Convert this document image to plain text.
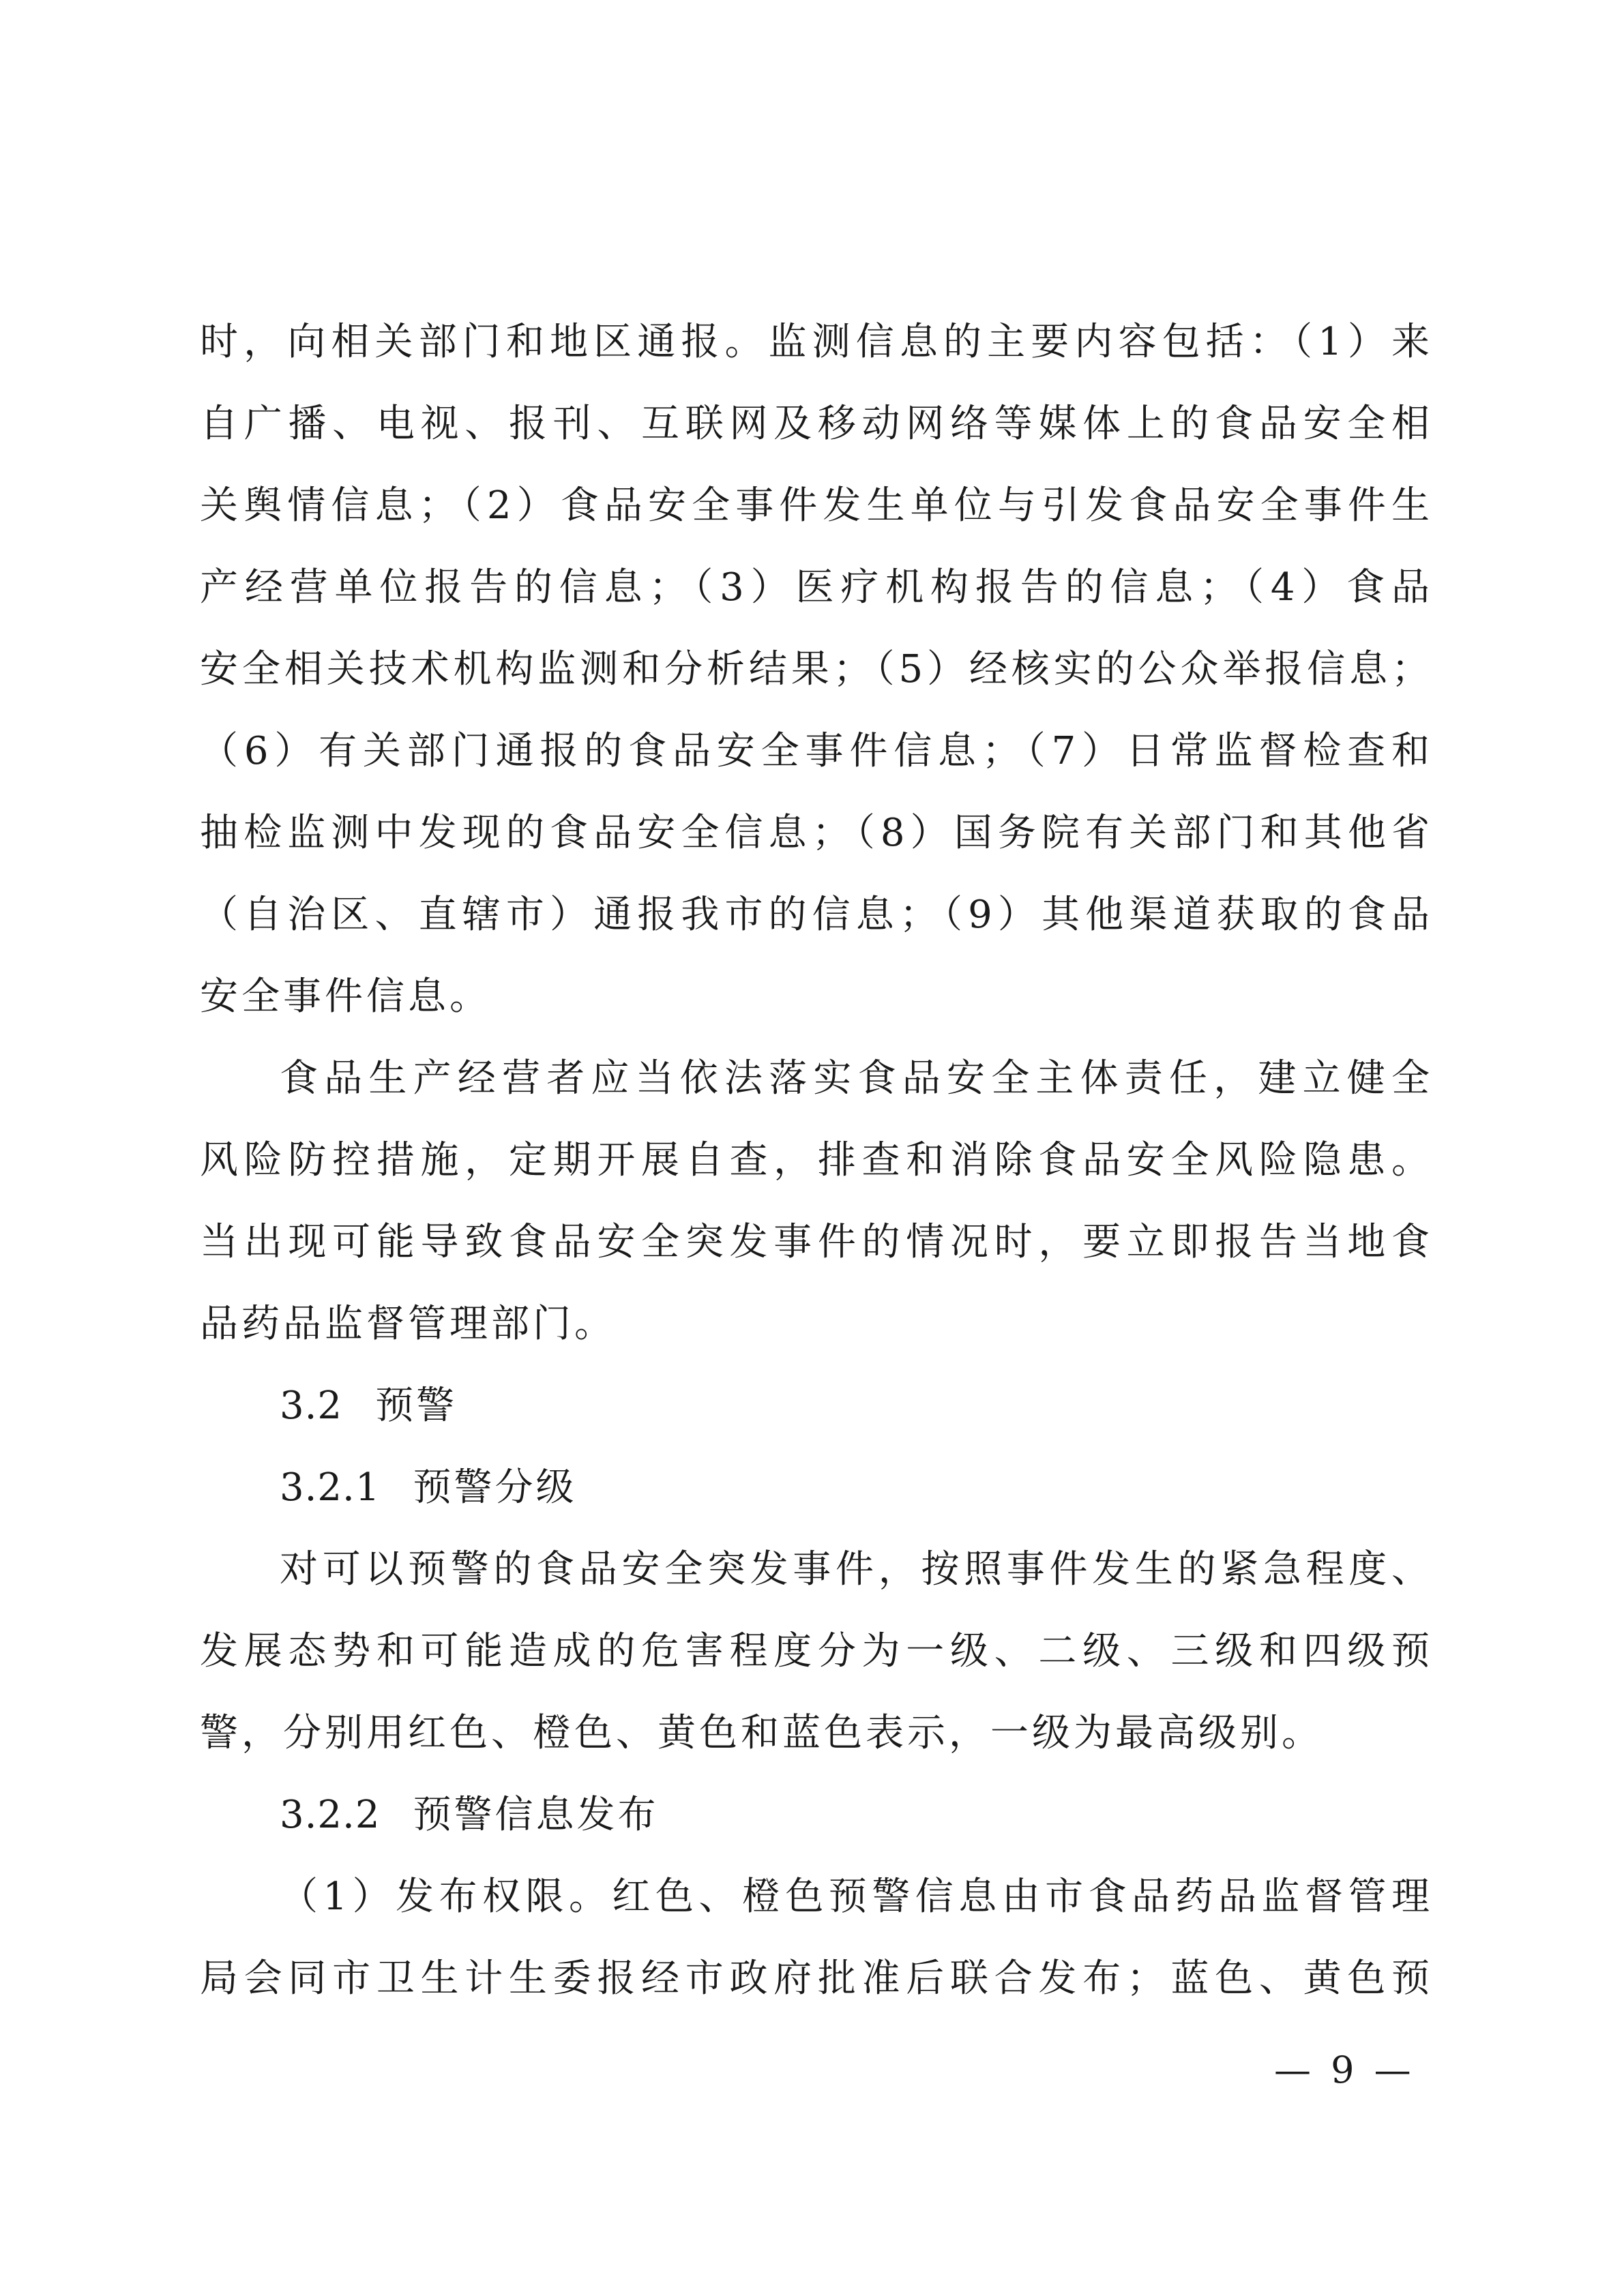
时，向相关部门和地区通报。监测信息的主要内容包括：（1）来
自广播、电视、报刊、互联网及移动网络等媒体上的食品安全相
关舆情信息；（2）食品安全事件发生单位与引发食品安全事件生
产经营单位报告的信息；（3）医疗机构报告的信息；（4）食品
安全相关技术机构监测和分析结果；（5）经核实的公众举报信息；
（6）有关部门通报的食品安全事件信息；（7）日常监督检查和
抽检监测中发现的食品安全信息；（8）国务院有关部门和其他省
（自治区、直辖市）通报我市的信息；（9）其他渠道获取的食品
安全事件信息。
食品生产经营者应当依法落实食品安全主体责任，建立健全
风险防控措施，定期开展自查，排查和消除食品安全风险隐患。
当出现可能导致食品安全突发事件的情况时，要立即报告当地食
品药品监督管理部门。
3.2 预警
3.2.1 预警分级
对可以预警的食品安全突发事件，按照事件发生的紧急程度、
发展态势和可能造成的危害程度分为一级、二级、三级和四级预
警，分别用红色、橙色、黄色和蓝色表示，一级为最高级别。
3.2.2 预警信息发布
（1）发布权限。红色、橙色预警信息由市食品药品监督管理
局会同市卫生计生委报经市政府批准后联合发布；蓝色、黄色预
— 9 —
